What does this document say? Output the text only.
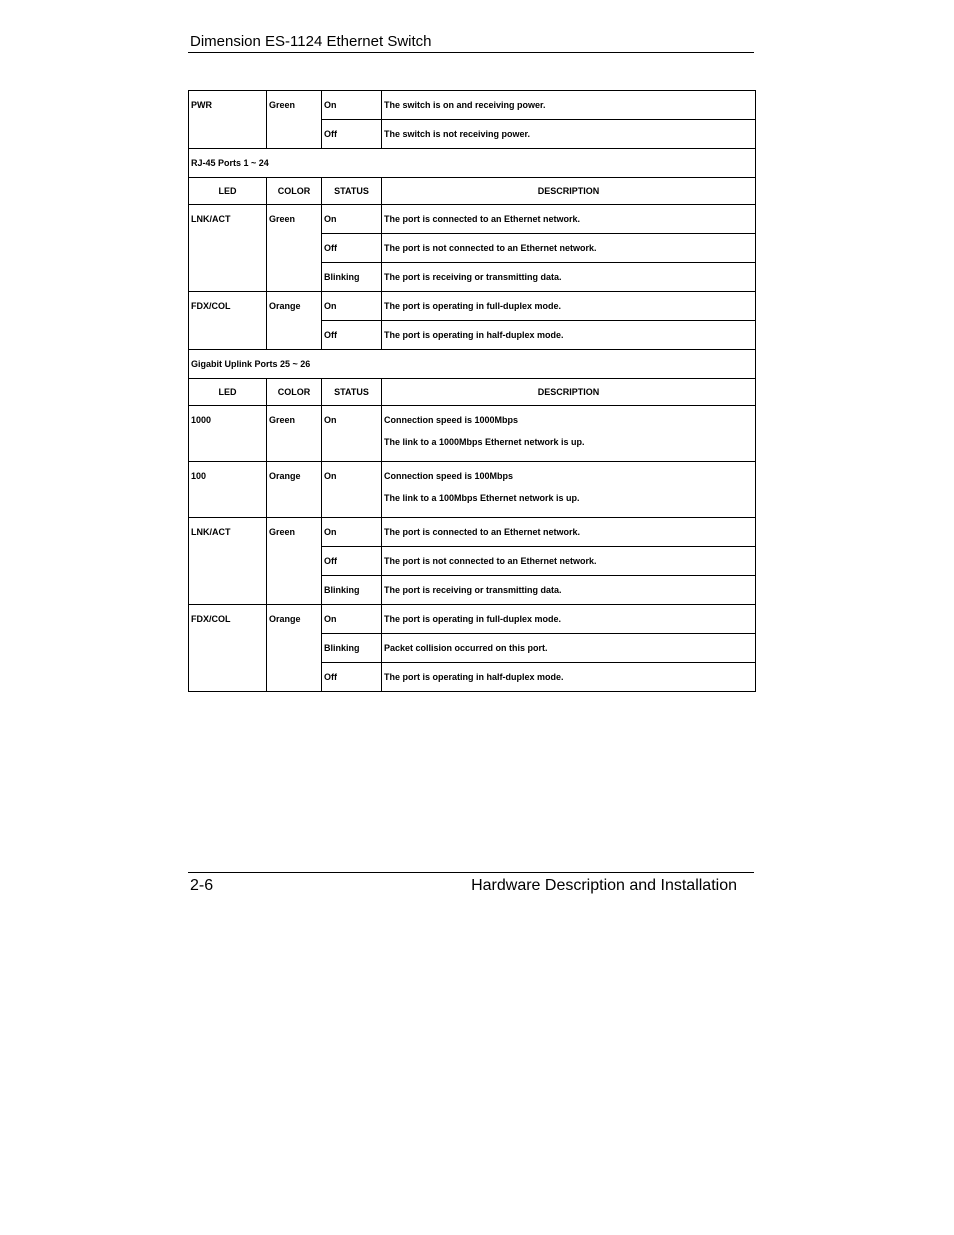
Dimension ES-1124 Ethernet Switch
PWR	Green	On	The switch is on and receiving power.
		Off	The switch is not receiving power.
RJ-45 Ports 1 ~ 24			
LED	COLOR	STATUS	DESCRIPTION
LNK/ACT	Green	On	The port is connected to an Ethernet network.
		Off	The port is not connected to an Ethernet network.
		Blinking	The port is receiving or transmitting data.
FDX/COL	Orange	On	The port is operating in full-duplex mode.
		Off	The port is operating in half-duplex mode.
Gigabit Uplink Ports 25 ~ 26			
LED	COLOR	STATUS	DESCRIPTION
1000	Green	On	Connection speed is 1000Mbps
The link to a 1000Mbps Ethernet network is up.

100	Orange	On	Connection speed is 100Mbps
The link to a 100Mbps Ethernet network is up.

LNK/ACT	Green	On	The port is connected to an Ethernet network.
		Off	The port is not connected to an Ethernet network.
		Blinking	The port is receiving or transmitting data.
FDX/COL	Orange	On	The port is operating in full-duplex mode.
		Blinking	Packet collision occurred on this port.
		Off	The port is operating in half-duplex mode.
2-6	Hardware Description and Installation
